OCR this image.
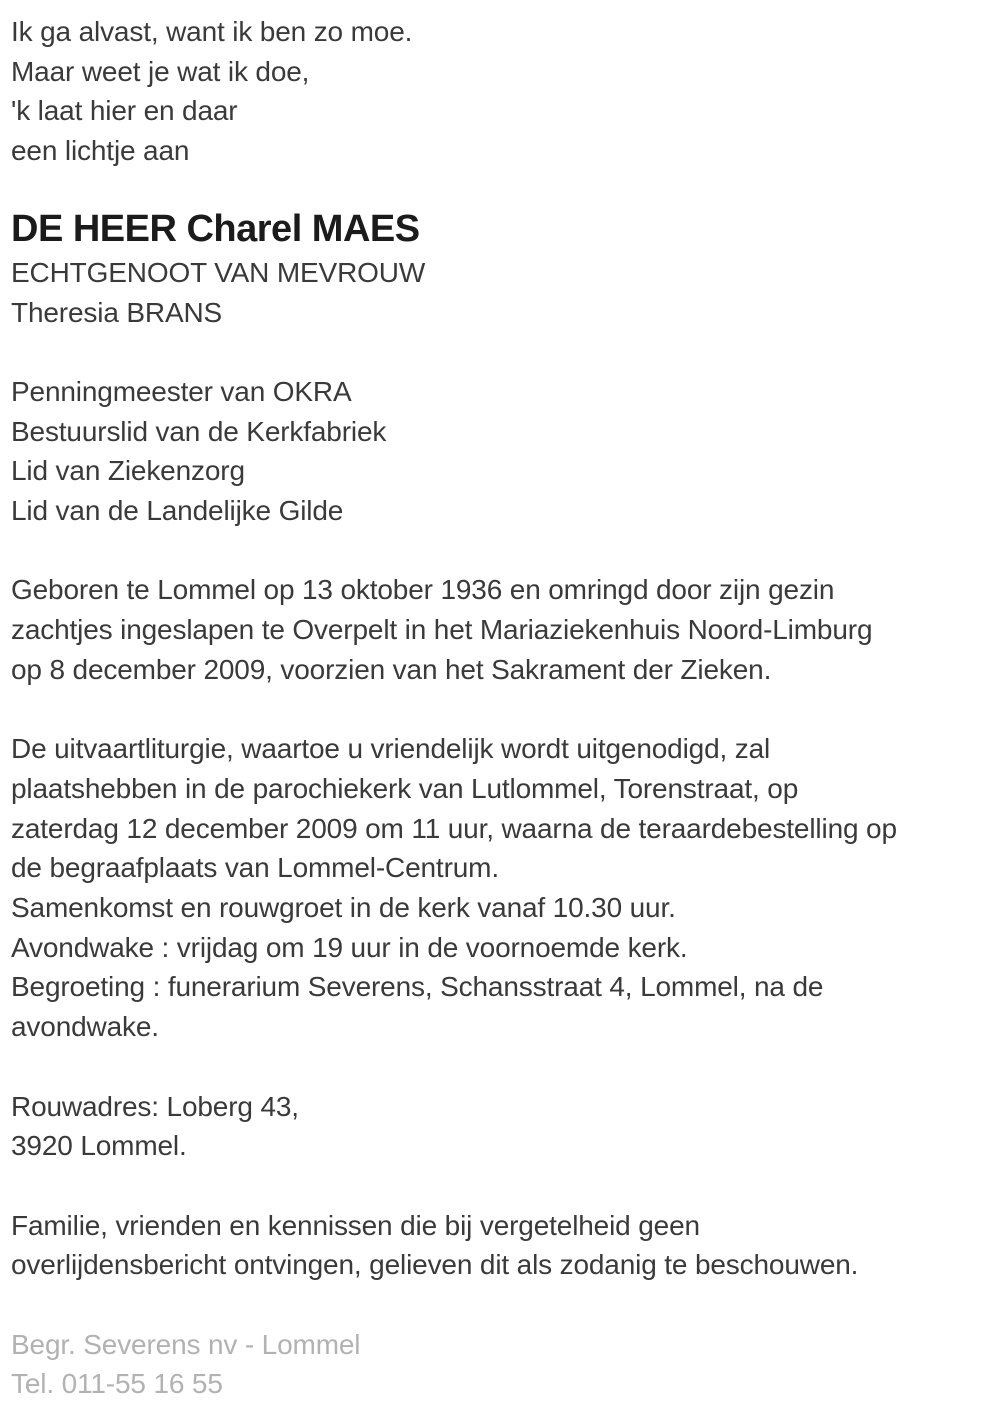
Ik ga alvast, want ik ben zo moe.
Maar weet je wat ik doe,
'k laat hier en daar
een lichtje aan
DE HEER Charel MAES
ECHTGENOOT VAN MEVROUW
Theresia BRANS
Penningmeester van OKRA
Bestuurslid van de Kerkfabriek
Lid van Ziekenzorg
Lid van de Landelijke Gilde
Geboren te Lommel op 13 oktober 1936 en omringd door zijn gezin
zachtjes ingeslapen te Overpelt in het Mariaziekenhuis Noord-Limburg
op 8 december 2009, voorzien van het Sakrament der Zieken.
De uitvaartliturgie, waartoe u vriendelijk wordt uitgenodigd, zal
plaatshebben in de parochiekerk van Lutlommel, Torenstraat, op
zaterdag 12 december 2009 om 11 uur, waarna de teraardebestelling op
de begraafplaats van Lommel-Centrum.
Samenkomst en rouwgroet in de kerk vanaf 10.30 uur.
Avondwake : vrijdag om 19 uur in de voornoemde kerk.
Begroeting : funerarium Severens, Schansstraat 4, Lommel, na de
avondwake.
Rouwadres: Loberg 43,
3920 Lommel.
Familie, vrienden en kennissen die bij vergetelheid geen
overlijdensbericht ontvingen, gelieven dit als zodanig te beschouwen.
Begr. Severens nv - Lommel
Tel. 011-55 16 55
